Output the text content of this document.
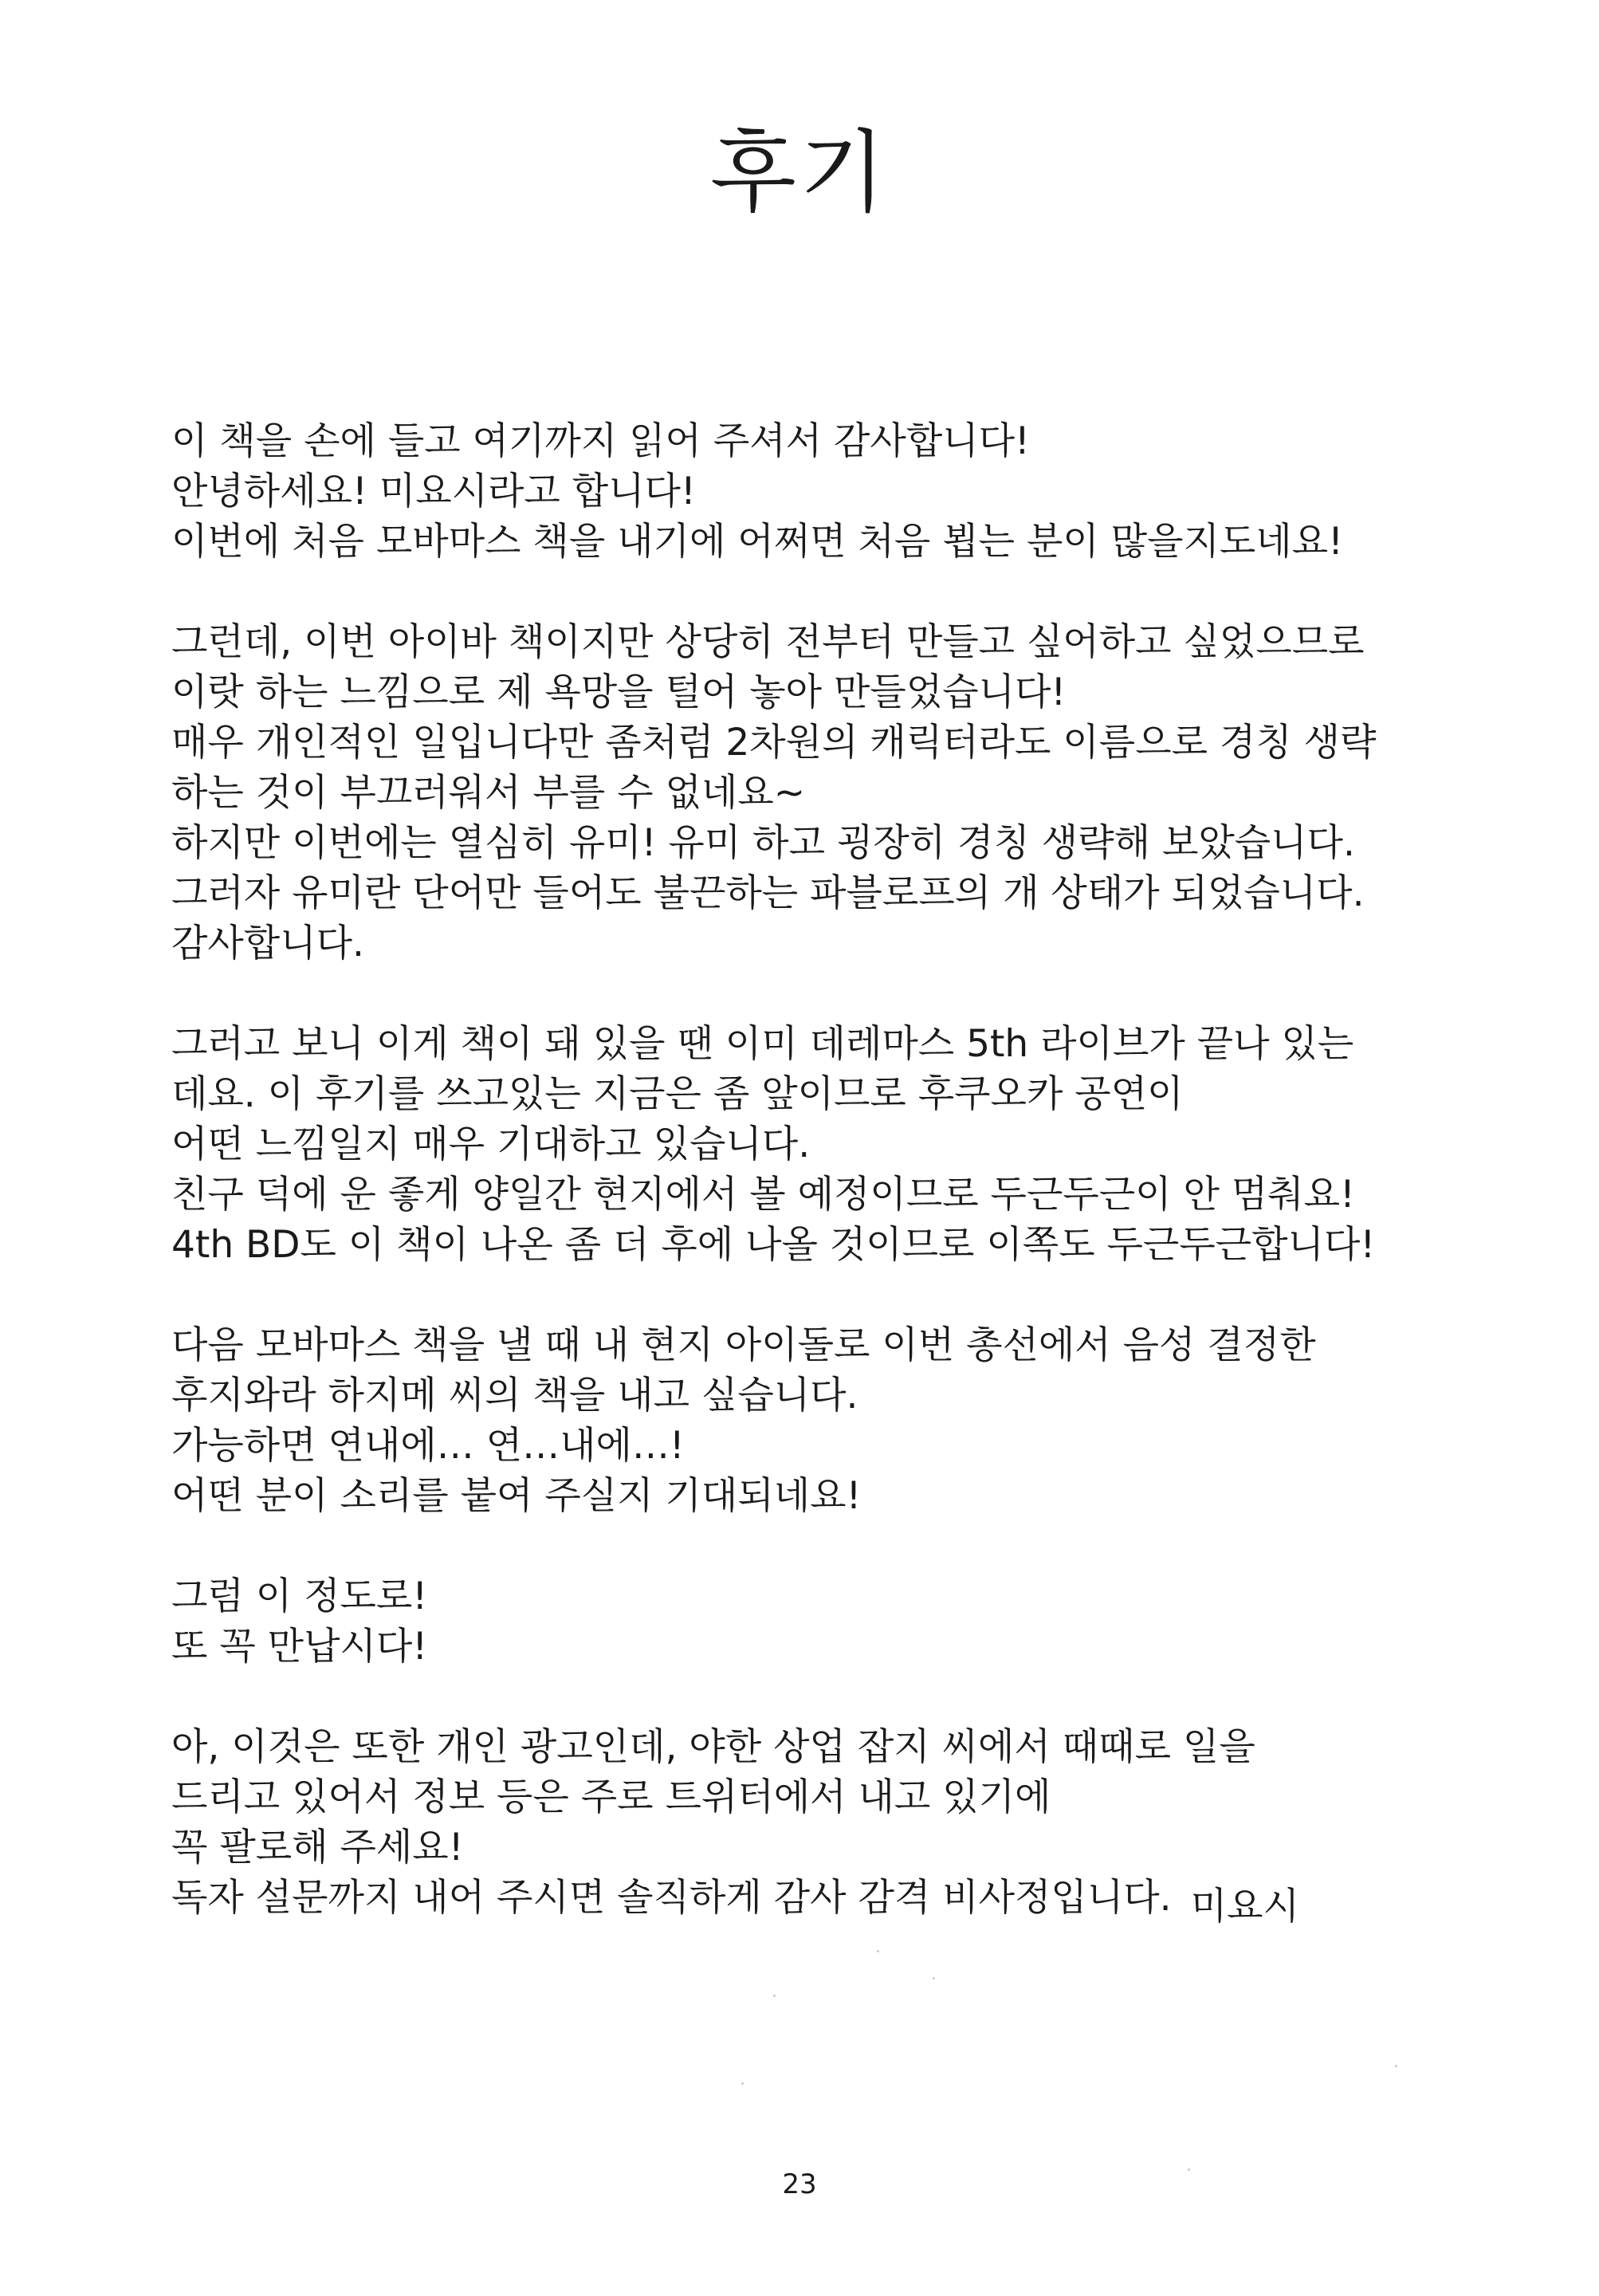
후기
이 책을 손에 들고 여기까지 읽어 주셔서 감사합니다!
안녕하세요! 미요시라고 합니다!
이번에 처음 모바마스 책을 내기에 어쩌면 처음 뵙는 분이 많을지도네요!
그런데, 이번 아이바 책이지만 상당히 전부터 만들고 싶어하고 싶었으므로
이랏 하는 느낌으로 제 욕망을 털어 놓아 만들었습니다!
매우 개인적인 일입니다만 좀처럼 2차원의 캐릭터라도 이름으로 경칭 생략
하는 것이 부끄러워서 부를 수 없네요~
하지만 이번에는 열심히 유미! 유미 하고 굉장히 경칭 생략해 보았습니다.
그러자 유미란 단어만 들어도 불끈하는 파블로프의 개 상태가 되었습니다.
감사합니다.
그러고 보니 이게 책이 돼 있을 땐 이미 데레마스 5th 라이브가 끝나 있는
데요. 이 후기를 쓰고있는 지금은 좀 앞이므로 후쿠오카 공연이
어떤 느낌일지 매우 기대하고 있습니다.
친구 덕에 운 좋게 양일간 현지에서 볼 예정이므로 두근두근이 안 멈춰요!
4th BD도 이 책이 나온 좀 더 후에 나올 것이므로 이쪽도 두근두근합니다!
다음 모바마스 책을 낼 때 내 현지 아이돌로 이번 총선에서 음성 결정한
후지와라 하지메 씨의 책을 내고 싶습니다.
가능하면 연내에… 연…내에…!
어떤 분이 소리를 붙여 주실지 기대되네요!
그럼 이 정도로!
또 꼭 만납시다!
아, 이것은 또한 개인 광고인데, 야한 상업 잡지 씨에서 때때로 일을
드리고 있어서 정보 등은 주로 트위터에서 내고 있기에
꼭 팔로해 주세요!
독자 설문까지 내어 주시면 솔직하게 감사 감격 비사정입니다. 미요시
23
